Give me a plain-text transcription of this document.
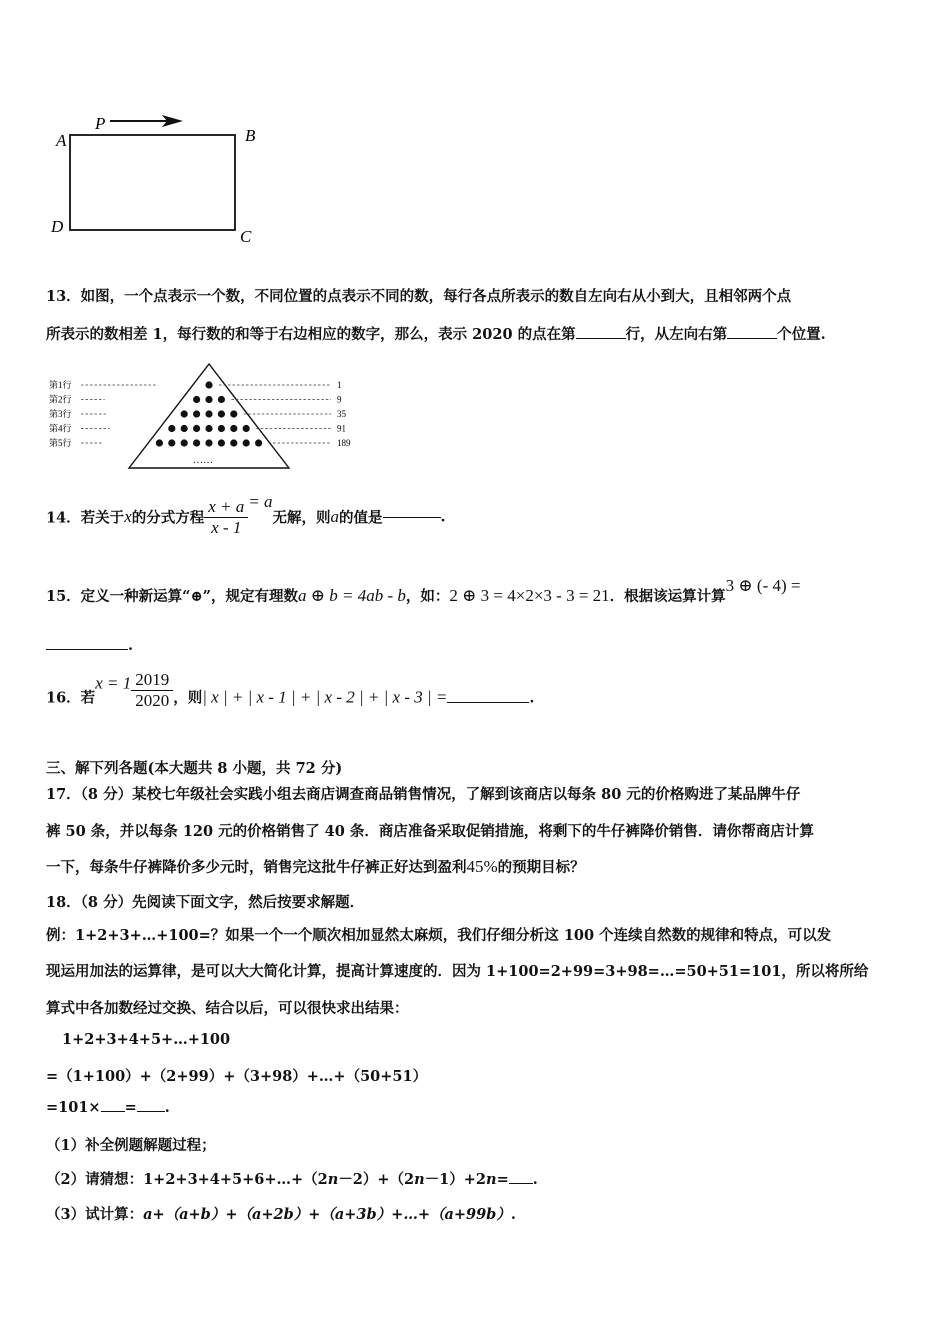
A	B
C
D
P
13．如图，一个点表示一个数，不同位置的点表示不同的数，每行各点所表示的数自左向右从小到大，且相邻两个点
所表示的数相差 1，每行数的和等于右边相应的数字，那么，表示 2020 的点在第	行，从左向右第	个位置.
第1行	1
第2行	9
第3行	35
第4行	91
第5行	189
……
14．若关于x的分式方程 $\frac{x + a}{x - 1} = a$无解，则a的值是	.
15．定义一种新运算“⊕”，规定有理数a ⊕ b = 4ab - b，如：2 ⊕ 3 = 4×2×3 - 3 = 21．根据该运算计算3 ⊕ (- 4) =
.
16．若$x = 1 \frac{2019}{2020}$ ，则| x | + | x - 1 | + | x - 2 | + | x - 3 | =	.
三、解下列各题(本大题共 8 小题，共 72 分)
17．（8 分）某校七年级社会实践小组去商店调查商品销售情况，了解到该商店以每条 80 元的价格购进了某品牌牛仔
裤 50 条，并以每条 120 元的价格销售了 40 条．商店准备采取促销措施，将剩下的牛仔裤降价销售．请你帮商店计算
一下，每条牛仔裤降价多少元时，销售完这批牛仔裤正好达到盈利45%的预期目标？
18．（8 分）先阅读下面文字，然后按要求解题．
例：1+2+3+…+100=？如果一个一个顺次相加显然太麻烦，我们仔细分析这 100 个连续自然数的规律和特点，可以发
现运用加法的运算律，是可以大大简化计算，提高计算速度的．因为 1+100=2+99=3+98=…=50+51=101，所以将所给
算式中各加数经过交换、结合以后，可以很快求出结果：
1+2+3+4+5+…+100
=（1+100）+（2+99）+（3+98）+…+（50+51）
=101× = .
（1）补全例题解题过程；
（2）请猜想：1+2+3+4+5+6+…+（2n－2）+（2n－1）+2n= .
（3）试计算：a+（a+b）+（a+2b）+（a+3b）+…+（a+99b）.
